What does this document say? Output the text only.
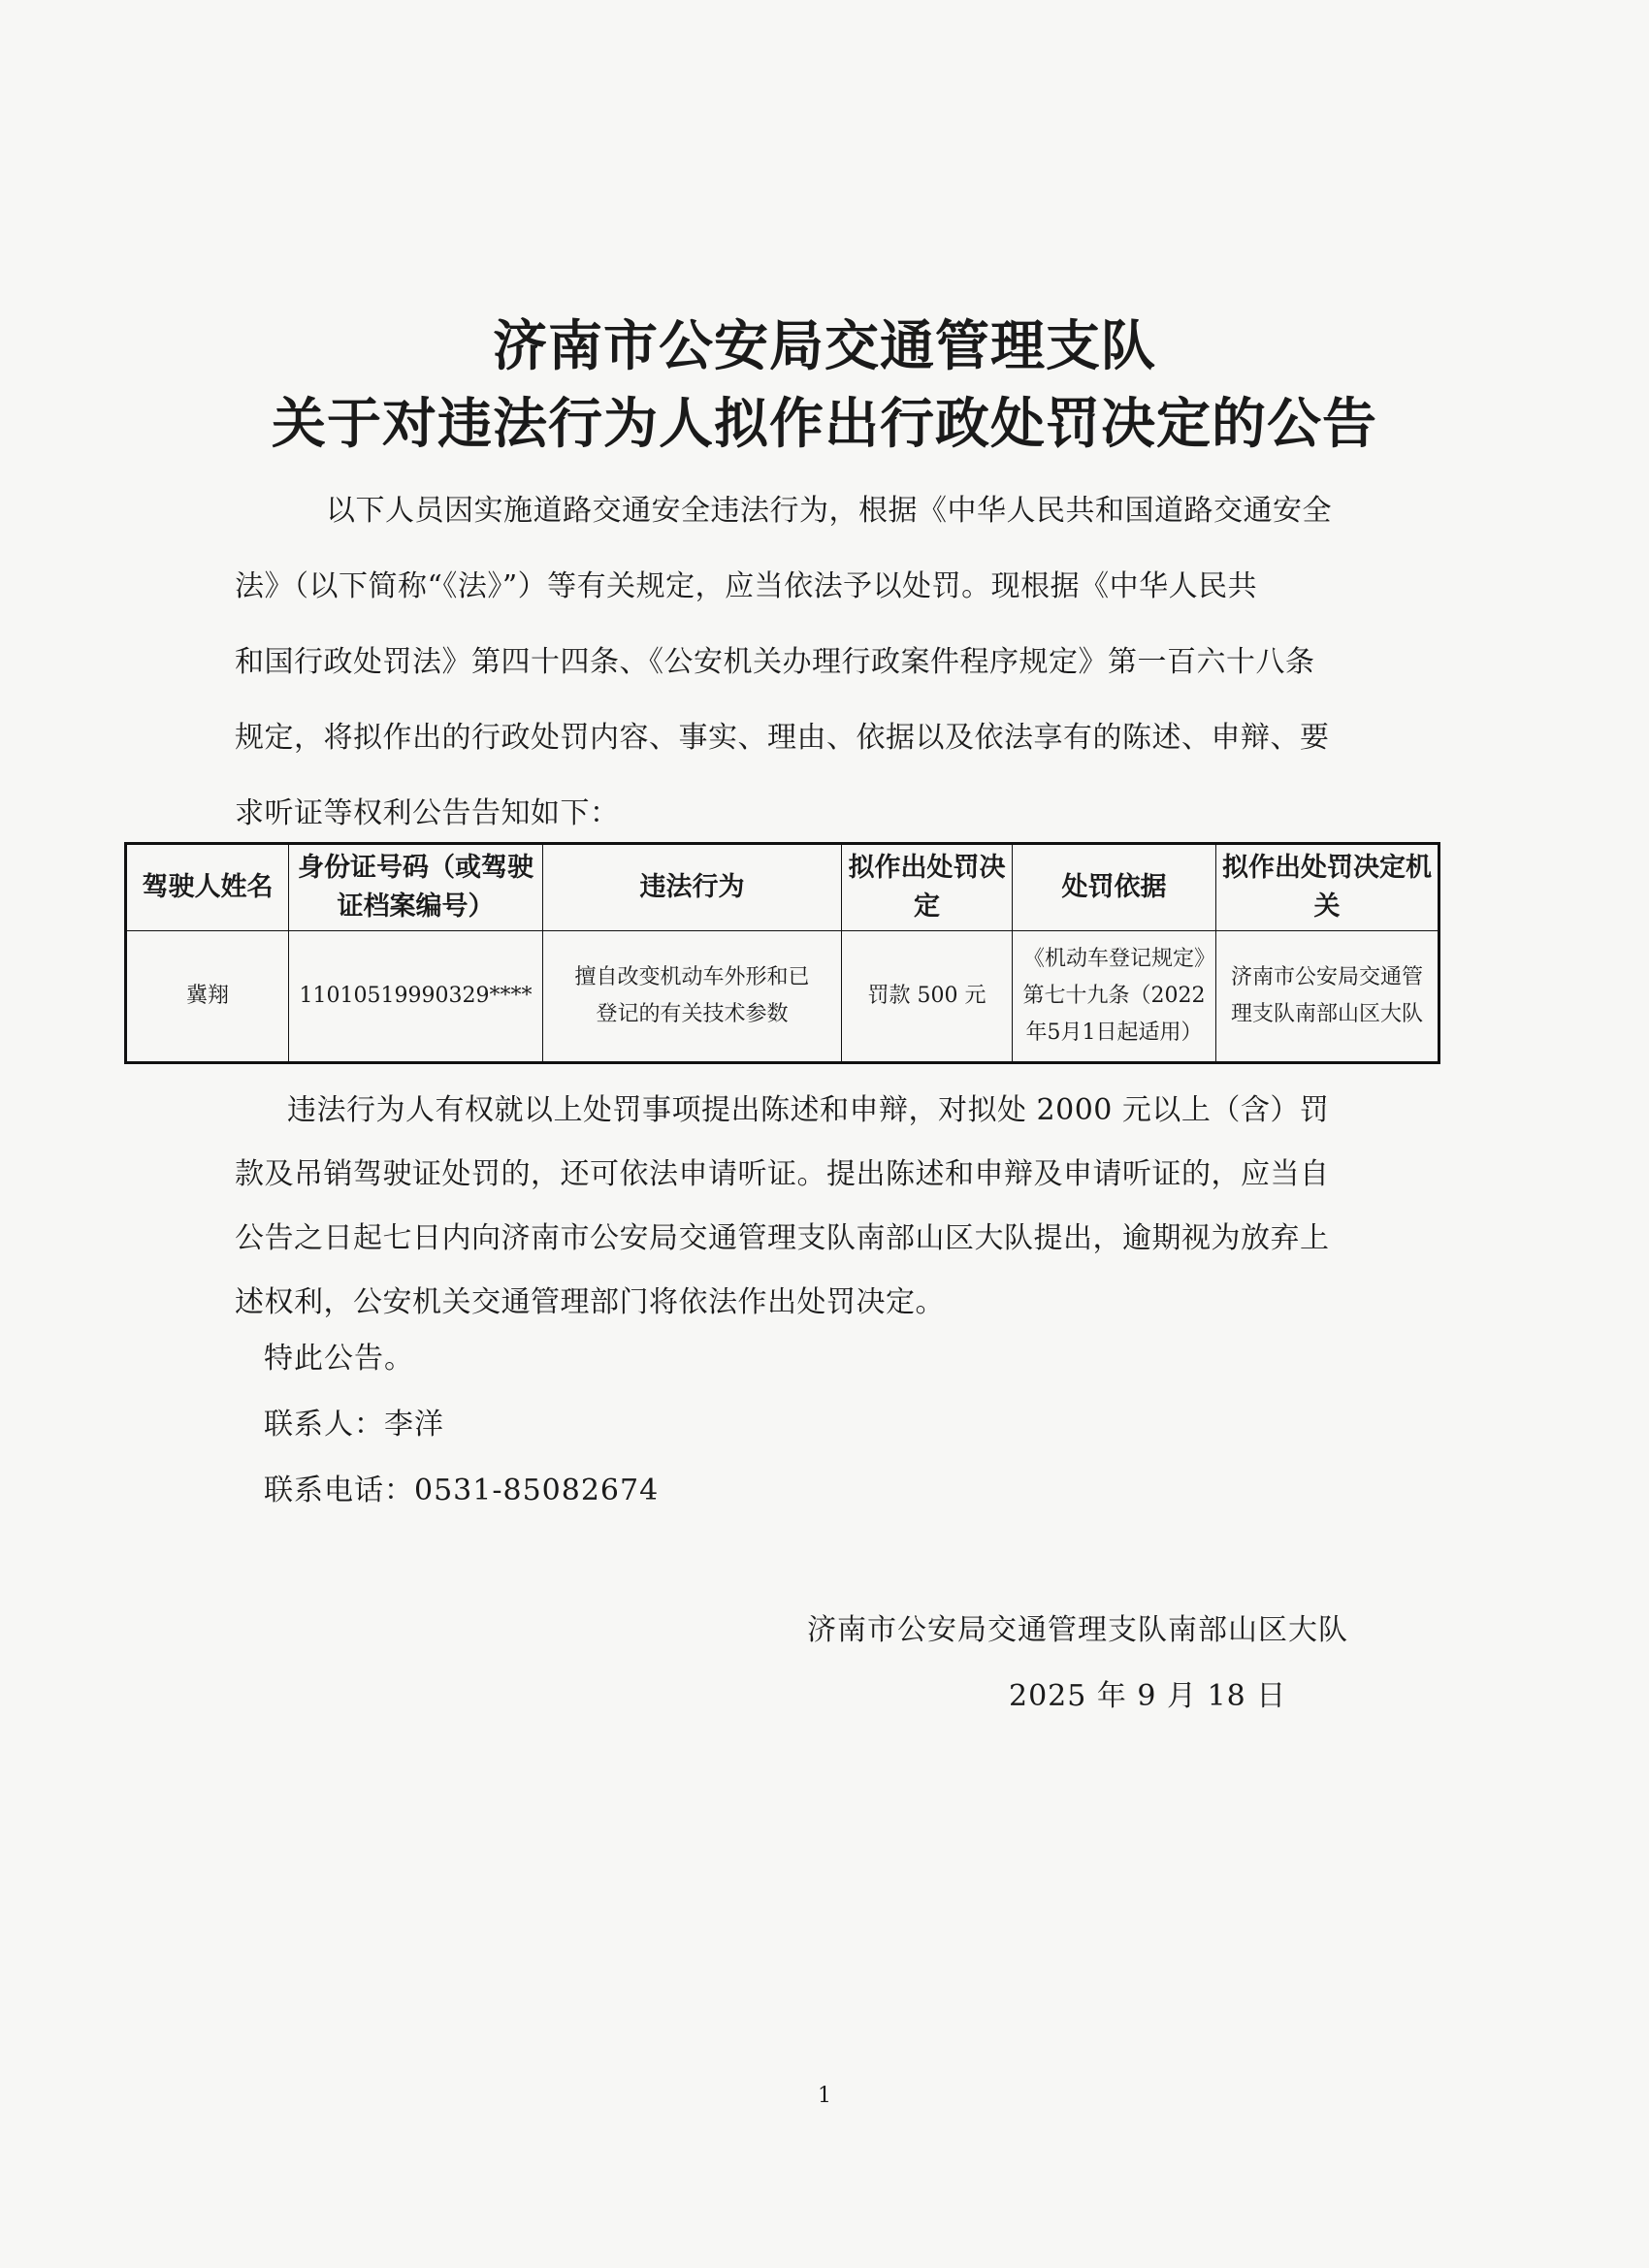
济南市公安局交通管理支队
关于对违法行为人拟作出行政处罚决定的公告
以下人员因实施道路交通安全违法行为，根据《中华人民共和国道路交通安全
法》（以下简称“《法》”）等有关规定，应当依法予以处罚。现根据《中华人民共
和国行政处罚法》第四十四条、《公安机关办理行政案件程序规定》第一百六十八条
规定，将拟作出的行政处罚内容、事实、理由、依据以及依法享有的陈述、申辩、要
求听证等权利公告告知如下：
驾驶人姓名	身份证号码（或驾驶证档案编号）	违法行为	拟作出处罚决定	处罚依据	拟作出处罚决定机关
冀翔	11010519990329****	擅自改变机动车外形和已登记的有关技术参数	罚款 500 元	《机动车登记规定》第七十九条（2022年5月1日起适用）	济南市公安局交通管理支队南部山区大队
违法行为人有权就以上处罚事项提出陈述和申辩，对拟处 2000 元以上（含）罚
款及吊销驾驶证处罚的，还可依法申请听证。提出陈述和申辩及申请听证的，应当自
公告之日起七日内向济南市公安局交通管理支队南部山区大队提出，逾期视为放弃上
述权利，公安机关交通管理部门将依法作出处罚决定。
特此公告。
联系人：李洋
联系电话：0531-85082674
济南市公安局交通管理支队南部山区大队
2025 年 9 月 18 日
1
